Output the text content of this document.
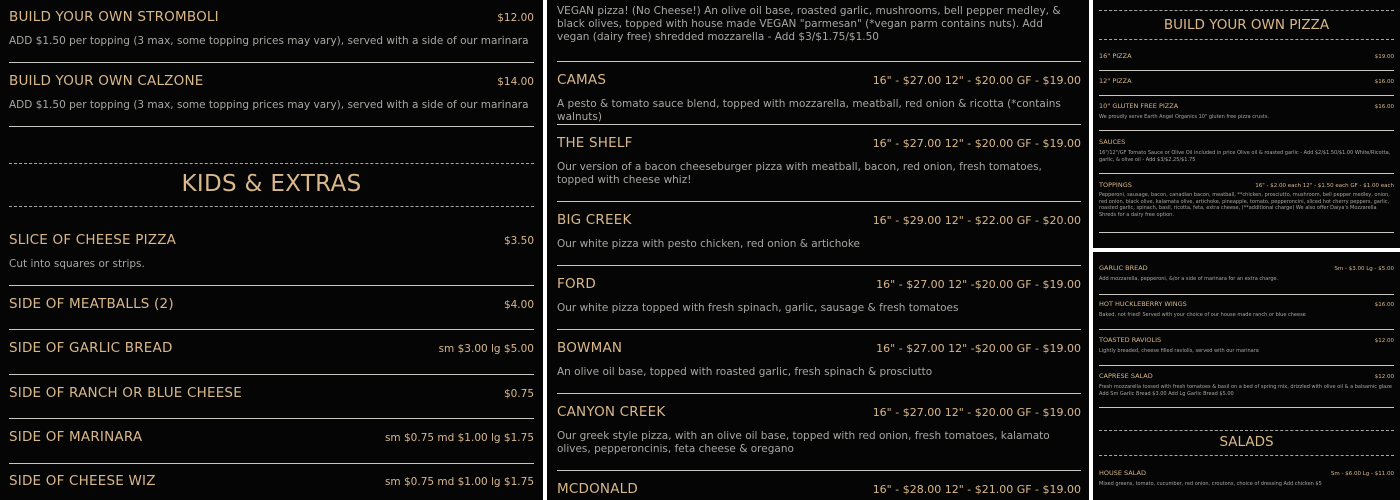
BUILD YOUR OWN STROMBOLI	$12.00
ADD $1.50 per topping (3 max, some topping prices may vary), served with a side of our marinara
BUILD YOUR OWN CALZONE	$14.00
ADD $1.50 per topping (3 max, some topping prices may vary), served with a side of our marinara
KIDS & EXTRAS
SLICE OF CHEESE PIZZA	$3.50
Cut into squares or strips.
SIDE OF MEATBALLS (2)	$4.00
SIDE OF GARLIC BREAD	sm $3.00 lg $5.00
SIDE OF RANCH OR BLUE CHEESE	$0.75
SIDE OF MARINARA	sm $0.75 md $1.00 lg $1.75
SIDE OF CHEESE WIZ	sm $0.75 md $1.00 lg $1.75
VEGAN pizza! (No Cheese!) An olive oil base, roasted garlic, mushrooms, bell pepper medley, & black olives, topped with house made VEGAN "parmesan" (*vegan parm contains nuts). Add vegan (dairy free) shredded mozzarella - Add $3/$1.75/$1.50
CAMAS	16" - $27.00 12" - $20.00 GF - $19.00
A pesto & tomato sauce blend, topped with mozzarella, meatball, red onion & ricotta (*contains walnuts)
THE SHELF	16" - $27.00 12" - $20.00 GF - $19.00
Our version of a bacon cheeseburger pizza with meatball, bacon, red onion, fresh tomatoes, topped with cheese whiz!
BIG CREEK	16" - $29.00 12" - $22.00 GF - $20.00
Our white pizza with pesto chicken, red onion & artichoke
FORD	16" - $27.00 12" -$20.00 GF - $19.00
Our white pizza topped with fresh spinach, garlic, sausage & fresh tomatoes
BOWMAN	16" - $27.00 12" -$20.00 GF - $19.00
An olive oil base, topped with roasted garlic, fresh spinach & prosciutto
CANYON CREEK	16" - $27.00 12" - $20.00 GF - $19.00
Our greek style pizza, with an olive oil base, topped with red onion, fresh tomatoes, kalamato olives, pepperoncinis, feta cheese & oregano
MCDONALD	16" - $28.00 12" - $21.00 GF - $19.00
BUILD YOUR OWN PIZZA
16" PIZZA	$19.00
12" PIZZA	$16.00
10" GLUTEN FREE PIZZA	$16.00
We proudly serve Earth Angel Organics 10" gluten free pizza crusts.
SAUCES
16"/12"/GF Tomato Sauce or Olive Oil included in price Olive oil & roasted garlic - Add $2/$1.50/$1.00 White/Ricotta, garlic, & olive oil - Add $3/$2.25/$1.75
TOPPINGS	16" - $2.00 each 12" - $1.50 each GF - $1.00 each
Pepperoni, sausage, bacon, canadian bacon, meatball, **chicken, prosciutto, mushroom, bell pepper medley, onion, red onion, black olive, kalamata olive, artichoke, pineapple, tomato, pepperoncini, sliced hot cherry peppers, garlic, roasted garlic, spinach, basil, ricotta, feta, extra cheese, (**additional charge) We also offer Daiya's Mozzarella Shreds for a dairy free option.
GARLIC BREAD	Sm - $3.00 Lg - $5.00
Add mozzarella, pepperoni, &/or a side of marinara for an extra charge.
HOT HUCKLEBERRY WINGS	$16.00
Baked, not fried! Served with your choice of our house made ranch or blue cheese
TOASTED RAVIOLIS	$12.00
Lightly breaded, cheese filled raviolis, served with our marinara
CAPRESE SALAD	$12.00
Fresh mozzarella tossed with fresh tomatoes & basil on a bed of spring mix, drizzled with olive oil & a balsamic glaze Add Sm Garlic Bread $3.00 Add Lg Garlic Bread $5.00
SALADS
HOUSE SALAD	Sm - $6.00 Lg - $11.00
Mixed greens, tomato, cucumber, red onion, croutons, choice of dressing Add chicken $5
